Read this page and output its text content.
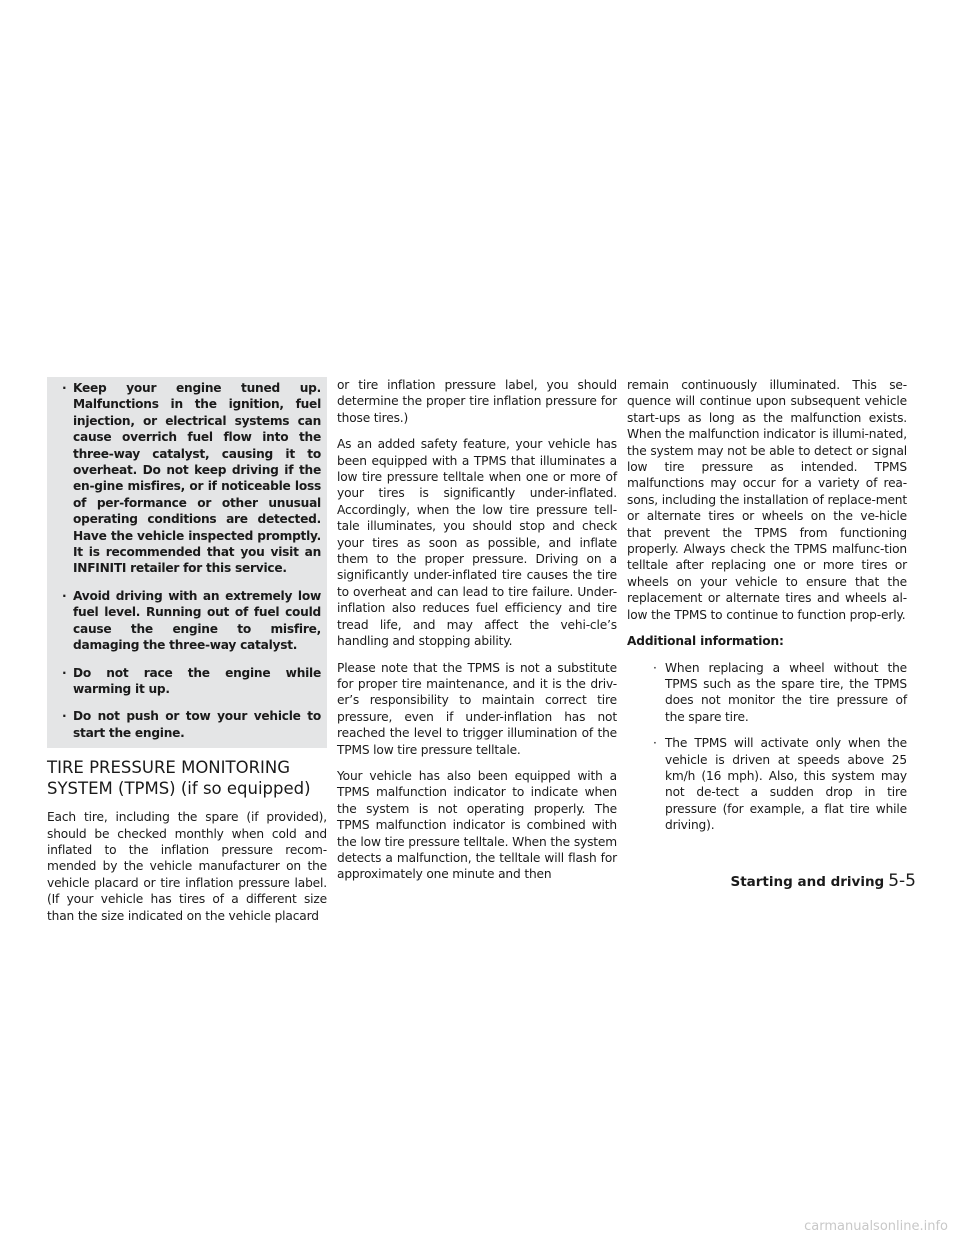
· Keep your engine tuned up. Malfunctions in the ignition, fuel injection, or electrical systems can cause overrich fuel flow into the three-way catalyst, causing it to overheat. Do not keep driving if the en-gine misfires, or if noticeable loss of per-formance or other unusual operating conditions are detected. Have the vehicle inspected promptly. It is recommended that you visit an INFINITI retailer for this service.
· Avoid driving with an extremely low fuel level. Running out of fuel could cause the engine to misfire, damaging the three-way catalyst.
· Do not race the engine while warming it up.
· Do not push or tow your vehicle to start the engine.
TIRE PRESSURE MONITORING
SYSTEM (TPMS) (if so equipped)

Each tire, including the spare (if provided), should be checked monthly when cold and inflated to the inflation pressure recom-mended by the vehicle manufacturer on the vehicle placard or tire inflation pressure label. (If your vehicle has tires of a different size than the size indicated on the vehicle placard

or tire inflation pressure label, you should determine the proper tire inflation pressure for those tires.)

As an added safety feature, your vehicle has been equipped with a TPMS that illuminates a low tire pressure telltale when one or more of your tires is significantly under-inflated. Accordingly, when the low tire pressure tell-tale illuminates, you should stop and check your tires as soon as possible, and inflate them to the proper pressure. Driving on a significantly under-inflated tire causes the tire to overheat and can lead to tire failure. Under-inflation also reduces fuel efficiency and tire tread life, and may affect the vehi-cle’s handling and stopping ability.

Please note that the TPMS is not a substitute for proper tire maintenance, and it is the driv-er’s responsibility to maintain correct tire pressure, even if under-inflation has not reached the level to trigger illumination of the TPMS low tire pressure telltale.

Your vehicle has also been equipped with a TPMS malfunction indicator to indicate when the system is not operating properly. The TPMS malfunction indicator is combined with the low tire pressure telltale. When the system detects a malfunction, the telltale will flash for approximately one minute and then

remain continuously illuminated. This se-quence will continue upon subsequent vehicle start-ups as long as the malfunction exists. When the malfunction indicator is illumi-nated, the system may not be able to detect or signal low tire pressure as intended. TPMS malfunctions may occur for a variety of rea-sons, including the installation of replace-ment or alternate tires or wheels on the ve-hicle that prevent the TPMS from functioning properly. Always check the TPMS malfunc-tion telltale after replacing one or more tires or wheels on your vehicle to ensure that the replacement or alternate tires and wheels al-low the TPMS to continue to function prop-erly.

Additional information:
· When replacing a wheel without the TPMS such as the spare tire, the TPMS does not monitor the tire pressure of the spare tire.
· The TPMS will activate only when the vehicle is driven at speeds above 25 km/h (16 mph). Also, this system may not de-tect a sudden drop in tire pressure (for example, a flat tire while driving).
Starting and driving 5-5
carmanualsonline.info
